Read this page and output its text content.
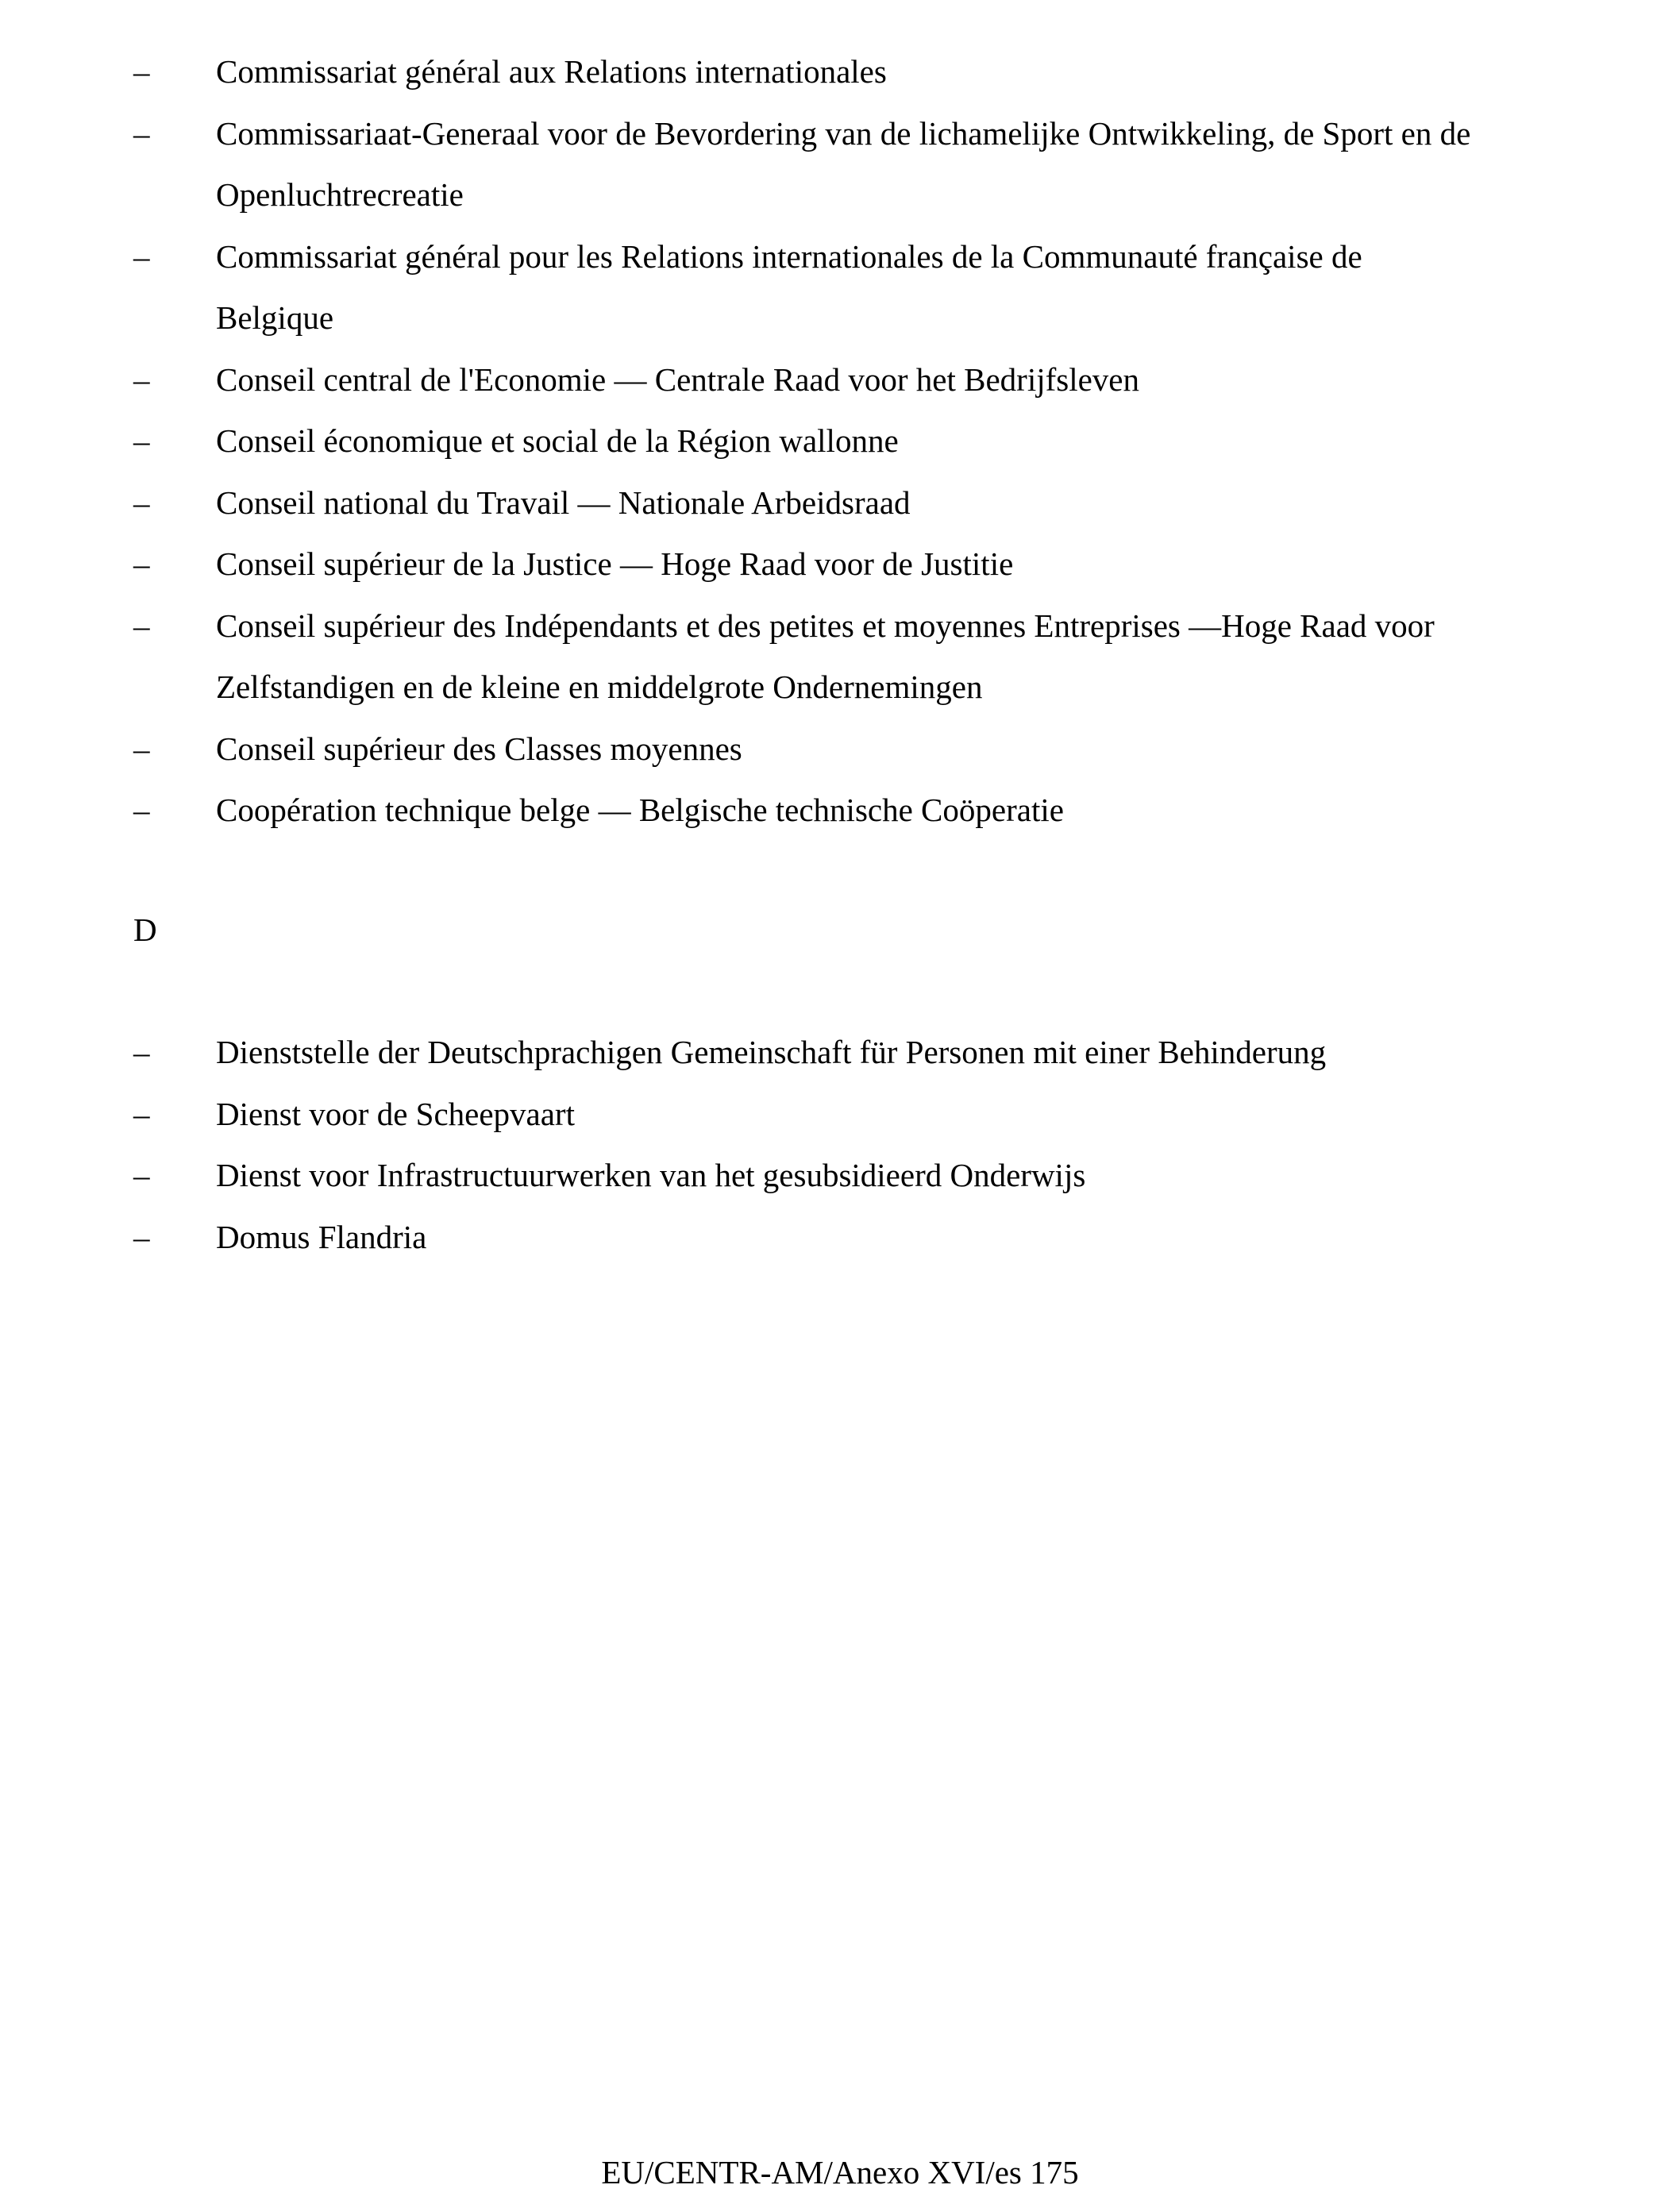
–	Commissariat général aux Relations internationales
–	Commissariaat-Generaal voor de Bevordering van de lichamelijke Ontwikkeling, de Sport en de Openluchtrecreatie
–	Commissariat général pour les Relations internationales de la Communauté française de Belgique
–	Conseil central de l'Economie — Centrale Raad voor het Bedrijfsleven
–	Conseil économique et social de la Région wallonne
–	Conseil national du Travail — Nationale Arbeidsraad
–	Conseil supérieur de la Justice — Hoge Raad voor de Justitie
–	Conseil supérieur des Indépendants et des petites et moyennes Entreprises —Hoge Raad voor Zelfstandigen en de kleine en middelgrote Ondernemingen
–	Conseil supérieur des Classes moyennes
–	Coopération technique belge — Belgische technische Coöperatie
D
–	Dienststelle der Deutschprachigen Gemeinschaft für Personen mit einer Behinderung
–	Dienst voor de Scheepvaart
–	Dienst voor Infrastructuurwerken van het gesubsidieerd Onderwijs
–	Domus Flandria
EU/CENTR-AM/Anexo XVI/es 175
